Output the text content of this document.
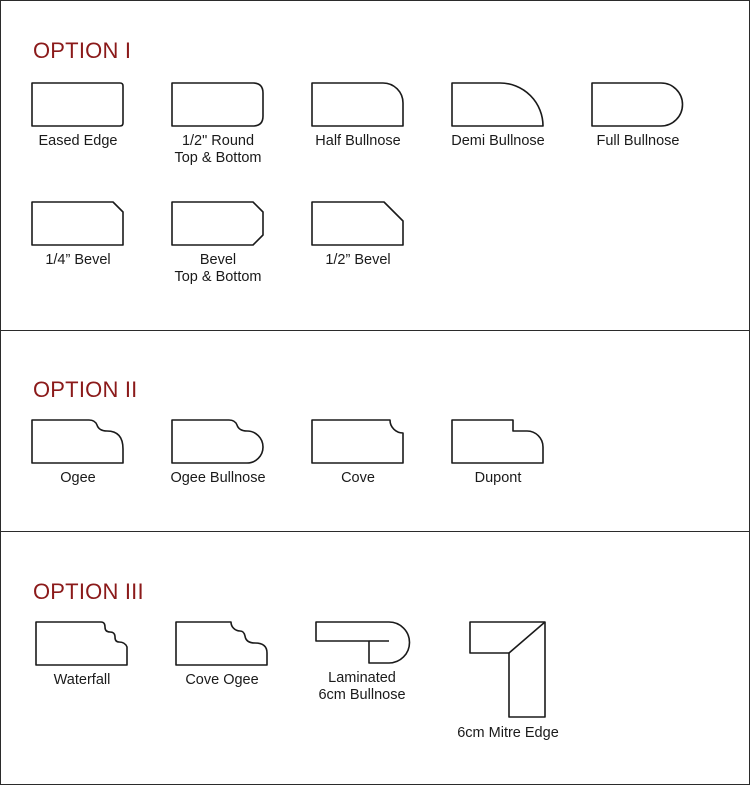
OPTION I
Eased Edge	1/2" Round
Top & Bottom
Half Bullnose	Demi Bullnose	Full Bullnose
1/4” Bevel	Bevel
Top & Bottom
1/2” Bevel
OPTION II
Ogee	Ogee Bullnose	Cove	Dupont
OPTION III
Waterfall	Cove Ogee	Laminated
6cm Bullnose
6cm Mitre Edge
